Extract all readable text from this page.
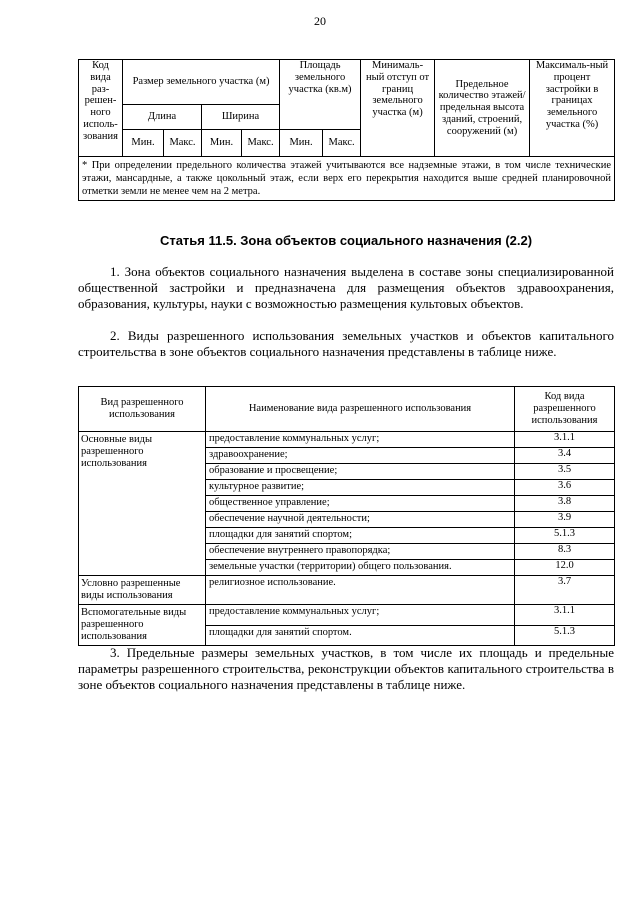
20
Код вида раз-решен-ного исполь-зования	Размер земельного участка (м)				Площадь земельного участка (кв.м)		Минималь-ный отступ от границ земельного участка (м)	Предельное количество этажей/ предельная высота зданий, строений, сооружений (м)	Максималь-ный процент застройки в границах земельного участка (%)
	Длина		Ширина						
	Мин.	Макс.	Мин.	Макс.	Мин.	Макс.			
* При определении предельного количества этажей учитываются все надземные этажи, в том числе технические этажи, мансардные, а также цокольный этаж, если верх его перекрытия находится выше средней планировочной отметки земли не менее чем на 2 метра.									
Статья 11.5. Зона объектов социального назначения (2.2)
1. Зона объектов социального назначения выделена в составе зоны специализированной общественной застройки и предназначена для размещения объектов здравоохранения, образования, культуры, науки с возможностью размещения культовых объектов.
2. Виды разрешенного использования земельных участков и объектов капитального строительства в зоне объектов социального назначения представлены в таблице ниже.
Вид разрешенного использования	Наименование вида разрешенного использования	Код вида разрешенного использования
Основные виды разрешенного использования	предоставление коммунальных услуг;	3.1.1
	здравоохранение;	3.4
	образование и просвещение;	3.5
	культурное развитие;	3.6
	общественное управление;	3.8
	обеспечение научной деятельности;	3.9
	площадки для занятий спортом;	5.1.3
	обеспечение внутреннего правопорядка;	8.3
	земельные участки (территории) общего пользования.	12.0
Условно разрешенные виды использования	религиозное использование.	3.7
Вспомогательные виды разрешенного использования	предоставление коммунальных услуг;	3.1.1
	площадки для занятий спортом.	5.1.3
3. Предельные размеры земельных участков, в том числе их площадь и предельные параметры разрешенного строительства, реконструкции объектов капитального строительства в зоне объектов социального назначения представлены в таблице ниже.
